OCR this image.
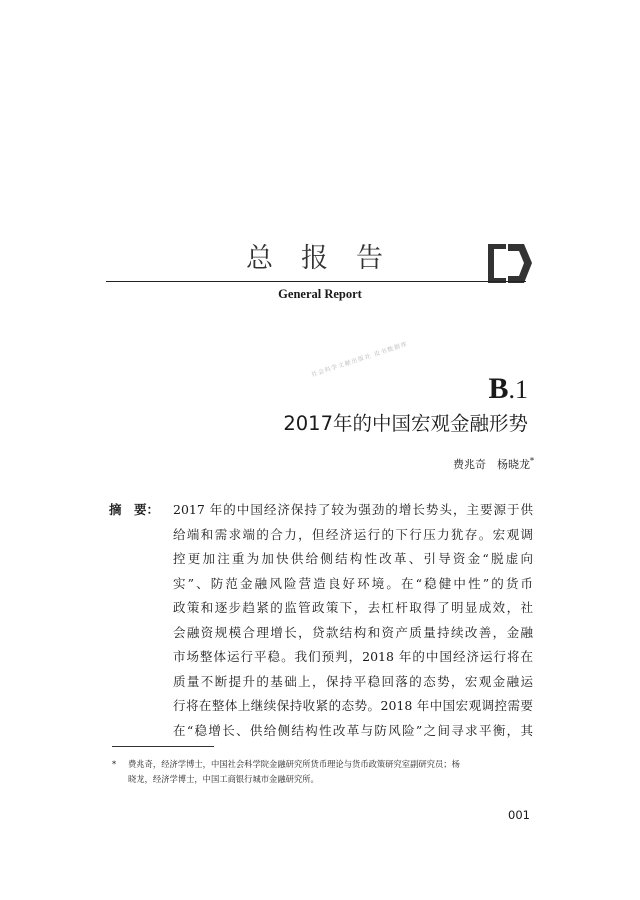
总报告
General Report
社会科学文献出版社 皮书数据库
B.1
2017年的中国宏观金融形势
费兆奇　杨晓龙*
摘　要： 2017 年的中国经济保持了较为强劲的增长势头，主要源于供
给端和需求端的合力，但经济运行的下行压力犹存。宏观调
控更加注重为加快供给侧结构性改革、引导资金“脱虚向
实”、防范金融风险营造良好环境。在“稳健中性”的货币
政策和逐步趋紧的监管政策下，去杠杆取得了明显成效，社
会融资规模合理增长，贷款结构和资产质量持续改善，金融
市场整体运行平稳。我们预判，2018 年的中国经济运行将在
质量不断提升的基础上，保持平稳回落的态势，宏观金融运
行将在整体上继续保持收紧的态势。2018 年中国宏观调控需要
在“稳增长、供给侧结构性改革与防风险”之间寻求平衡，其
* 费兆奇，经济学博士，中国社会科学院金融研究所货币理论与货币政策研究室副研究员；杨
晓龙，经济学博士，中国工商银行城市金融研究所。
001
